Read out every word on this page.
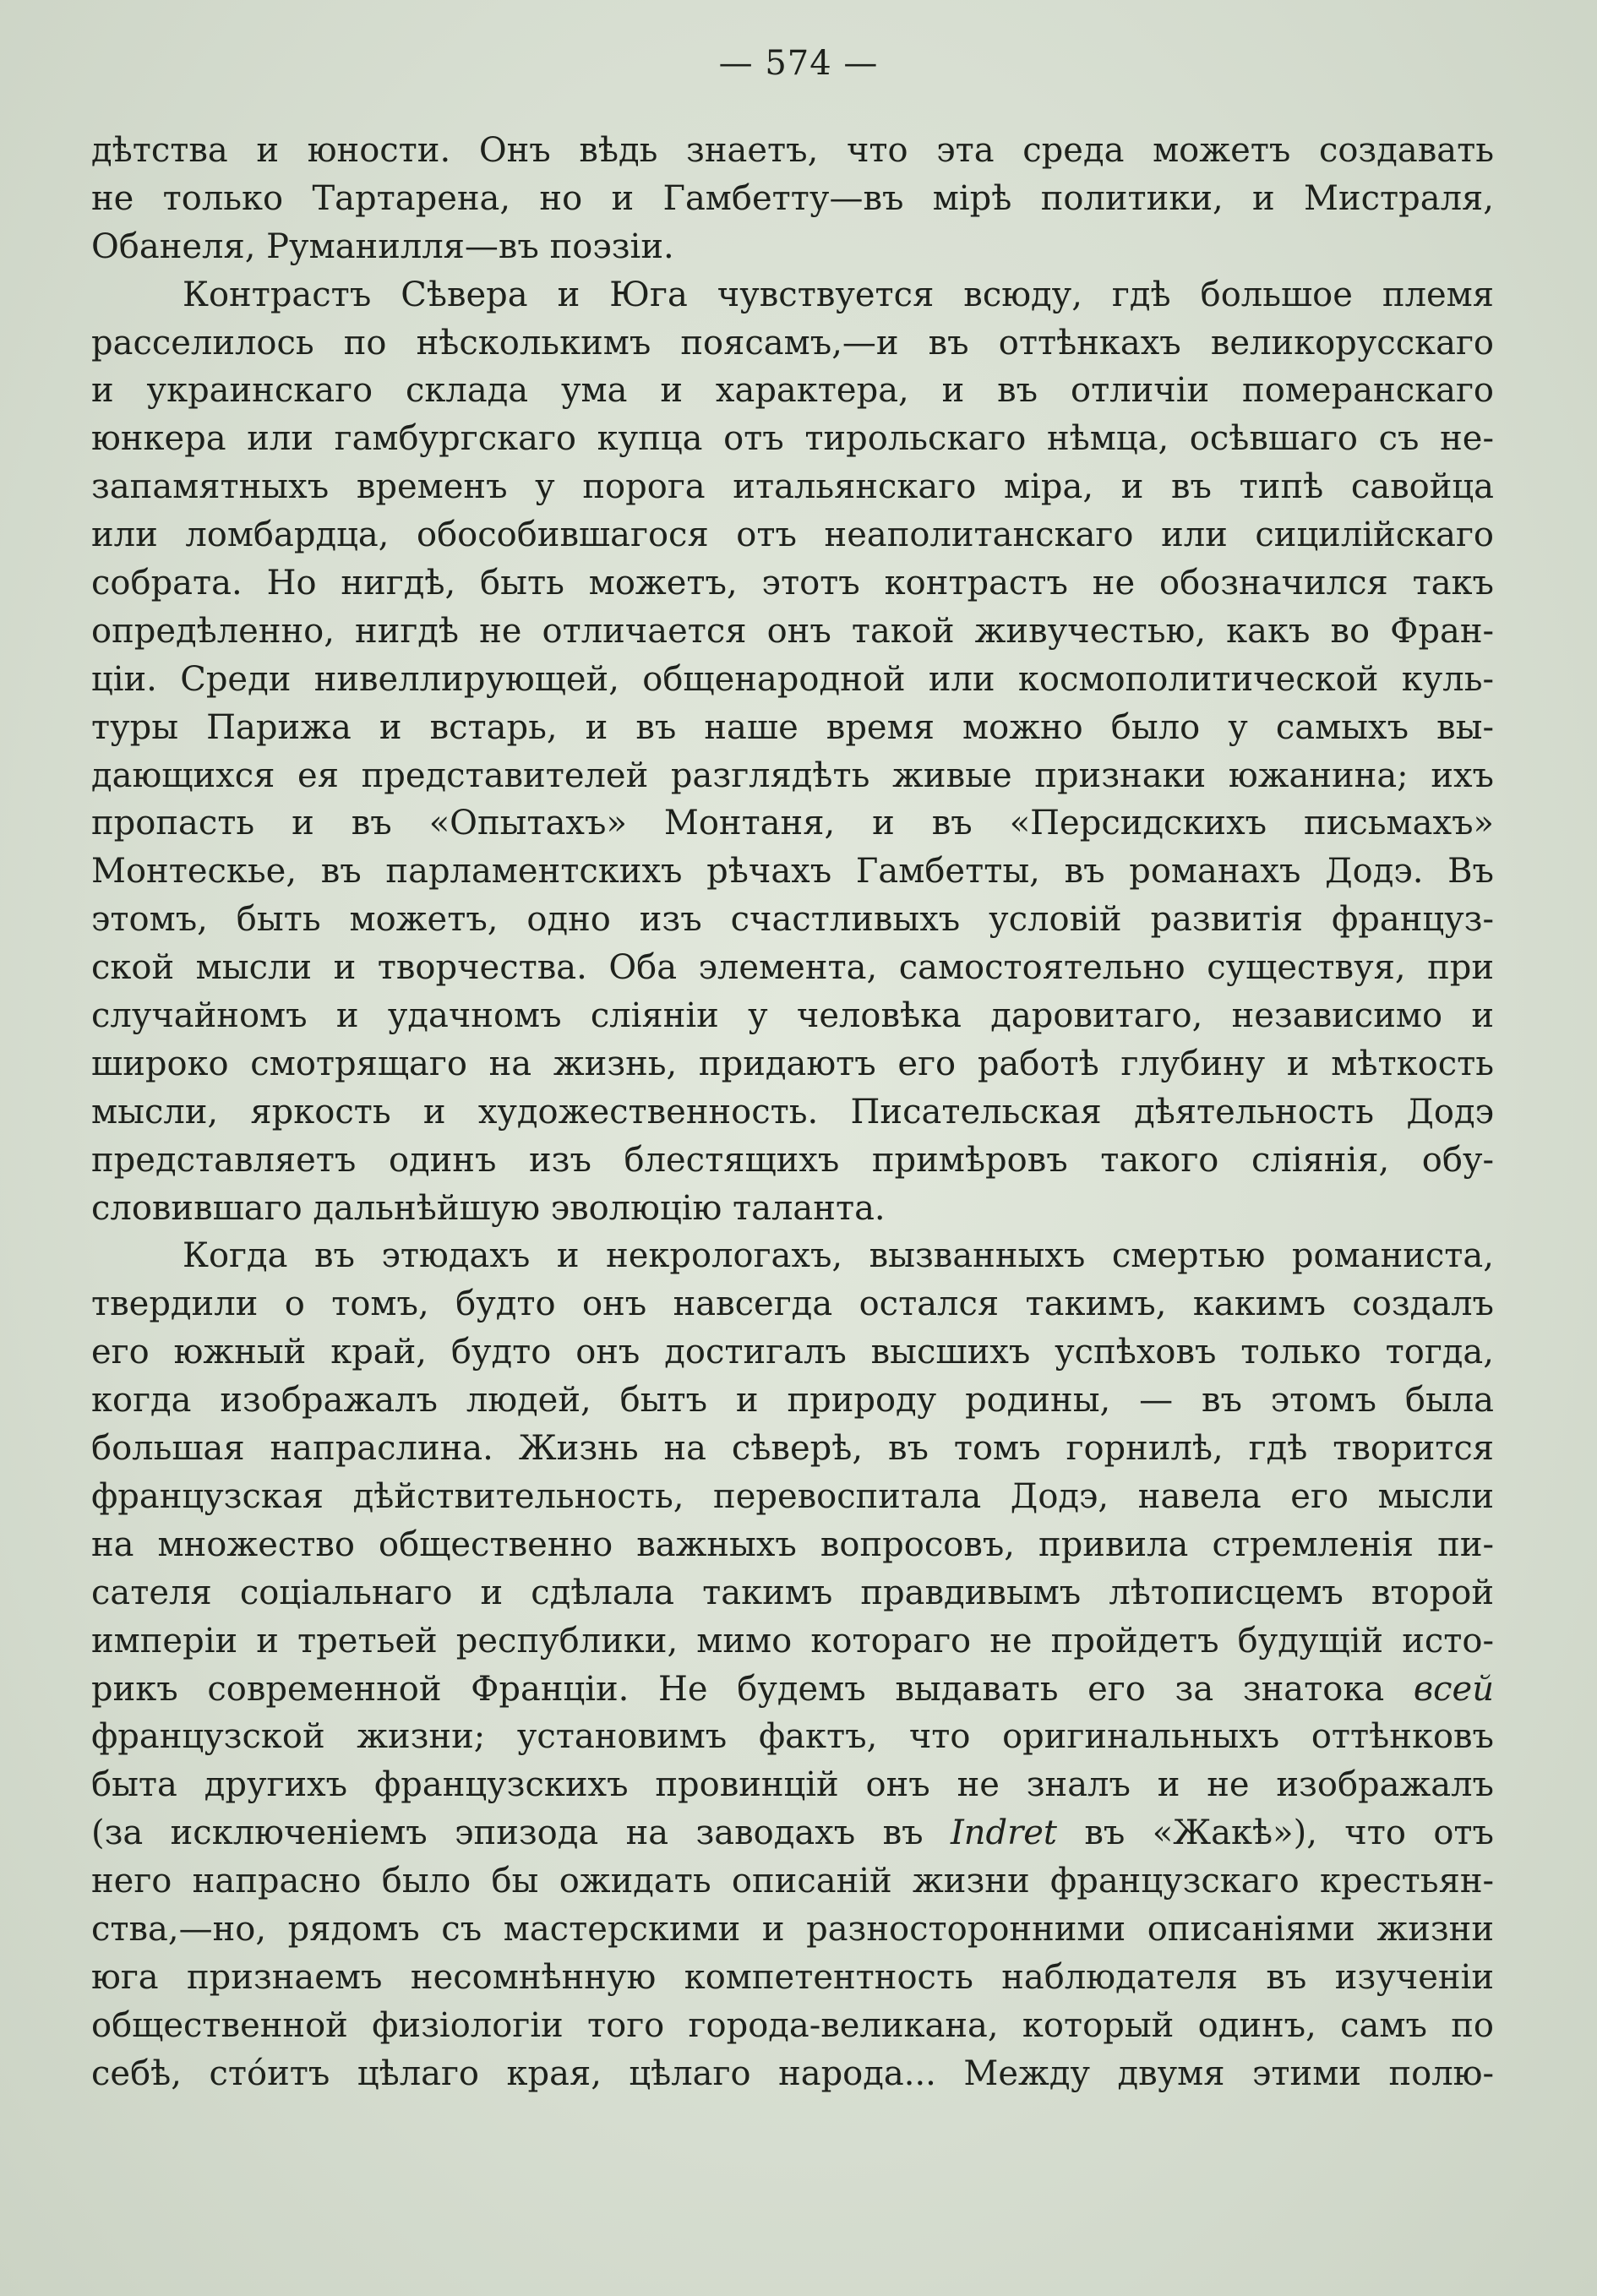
— 574 —
дѣтства и юности. Онъ вѣдь знаетъ, что эта среда можетъ создавать
не только Тартарена, но и Гамбетту—въ мірѣ политики, и Мистраля,
Обанеля, Руманилля—въ поэзіи.
Контрастъ Сѣвера и Юга чувствуется всюду, гдѣ большое племя
расселилось по нѣсколькимъ поясамъ,—и въ оттѣнкахъ великорусскаго
и украинскаго склада ума и характера, и въ отличіи померанскаго
юнкера или гамбургскаго купца отъ тирольскаго нѣмца, осѣвшаго съ не-
запамятныхъ временъ у порога итальянскаго міра, и въ типѣ савойца
или ломбардца, обособившагося отъ неаполитанскаго или сицилійскаго
собрата. Но нигдѣ, быть можетъ, этотъ контрастъ не обозначился такъ
опредѣленно, нигдѣ не отличается онъ такой живучестью, какъ во Фран-
ціи. Среди нивеллирующей, общенародной или космополитической куль-
туры Парижа и встарь, и въ наше время можно было у самыхъ вы-
дающихся ея представителей разглядѣть живые признаки южанина; ихъ
пропасть и въ «Опытахъ» Монтаня, и въ «Персидскихъ письмахъ»
Монтескье, въ парламентскихъ рѣчахъ Гамбетты, въ романахъ Додэ. Въ
этомъ, быть можетъ, одно изъ счастливыхъ условій развитія француз-
ской мысли и творчества. Оба элемента, самостоятельно существуя, при
случайномъ и удачномъ сліяніи у человѣка даровитаго, независимо и
широко смотрящаго на жизнь, придаютъ его работѣ глубину и мѣткость
мысли, яркость и художественность. Писательская дѣятельность Додэ
представляетъ одинъ изъ блестящихъ примѣровъ такого сліянія, обу-
словившаго дальнѣйшую эволюцію таланта.
Когда въ этюдахъ и некрологахъ, вызванныхъ смертью романиста,
твердили о томъ, будто онъ навсегда остался такимъ, какимъ создалъ
его южный край, будто онъ достигалъ высшихъ успѣховъ только тогда,
когда изображалъ людей, бытъ и природу родины, — въ этомъ была
большая напраслина. Жизнь на сѣверѣ, въ томъ горнилѣ, гдѣ творится
французская дѣйствительность, перевоспитала Додэ, навела его мысли
на множество общественно важныхъ вопросовъ, привила стремленія пи-
сателя соціальнаго и сдѣлала такимъ правдивымъ лѣтописцемъ второй
имперіи и третьей республики, мимо котораго не пройдетъ будущій исто-
рикъ современной Франціи. Не будемъ выдавать его за знатока всей
французской жизни; установимъ фактъ, что оригинальныхъ оттѣнковъ
быта другихъ французскихъ провинцій онъ не зналъ и не изображалъ
(за исключеніемъ эпизода на заводахъ въ Indret въ «Жакѣ»), что отъ
него напрасно было бы ожидать описаній жизни французскаго крестьян-
ства,—но, рядомъ съ мастерскими и разносторонними описаніями жизни
юга признаемъ несомнѣнную компетентность наблюдателя въ изученіи
общественной физіологіи того города-великана, который одинъ, самъ по
себѣ, стóитъ цѣлаго края, цѣлаго народа... Между двумя этими полю-
